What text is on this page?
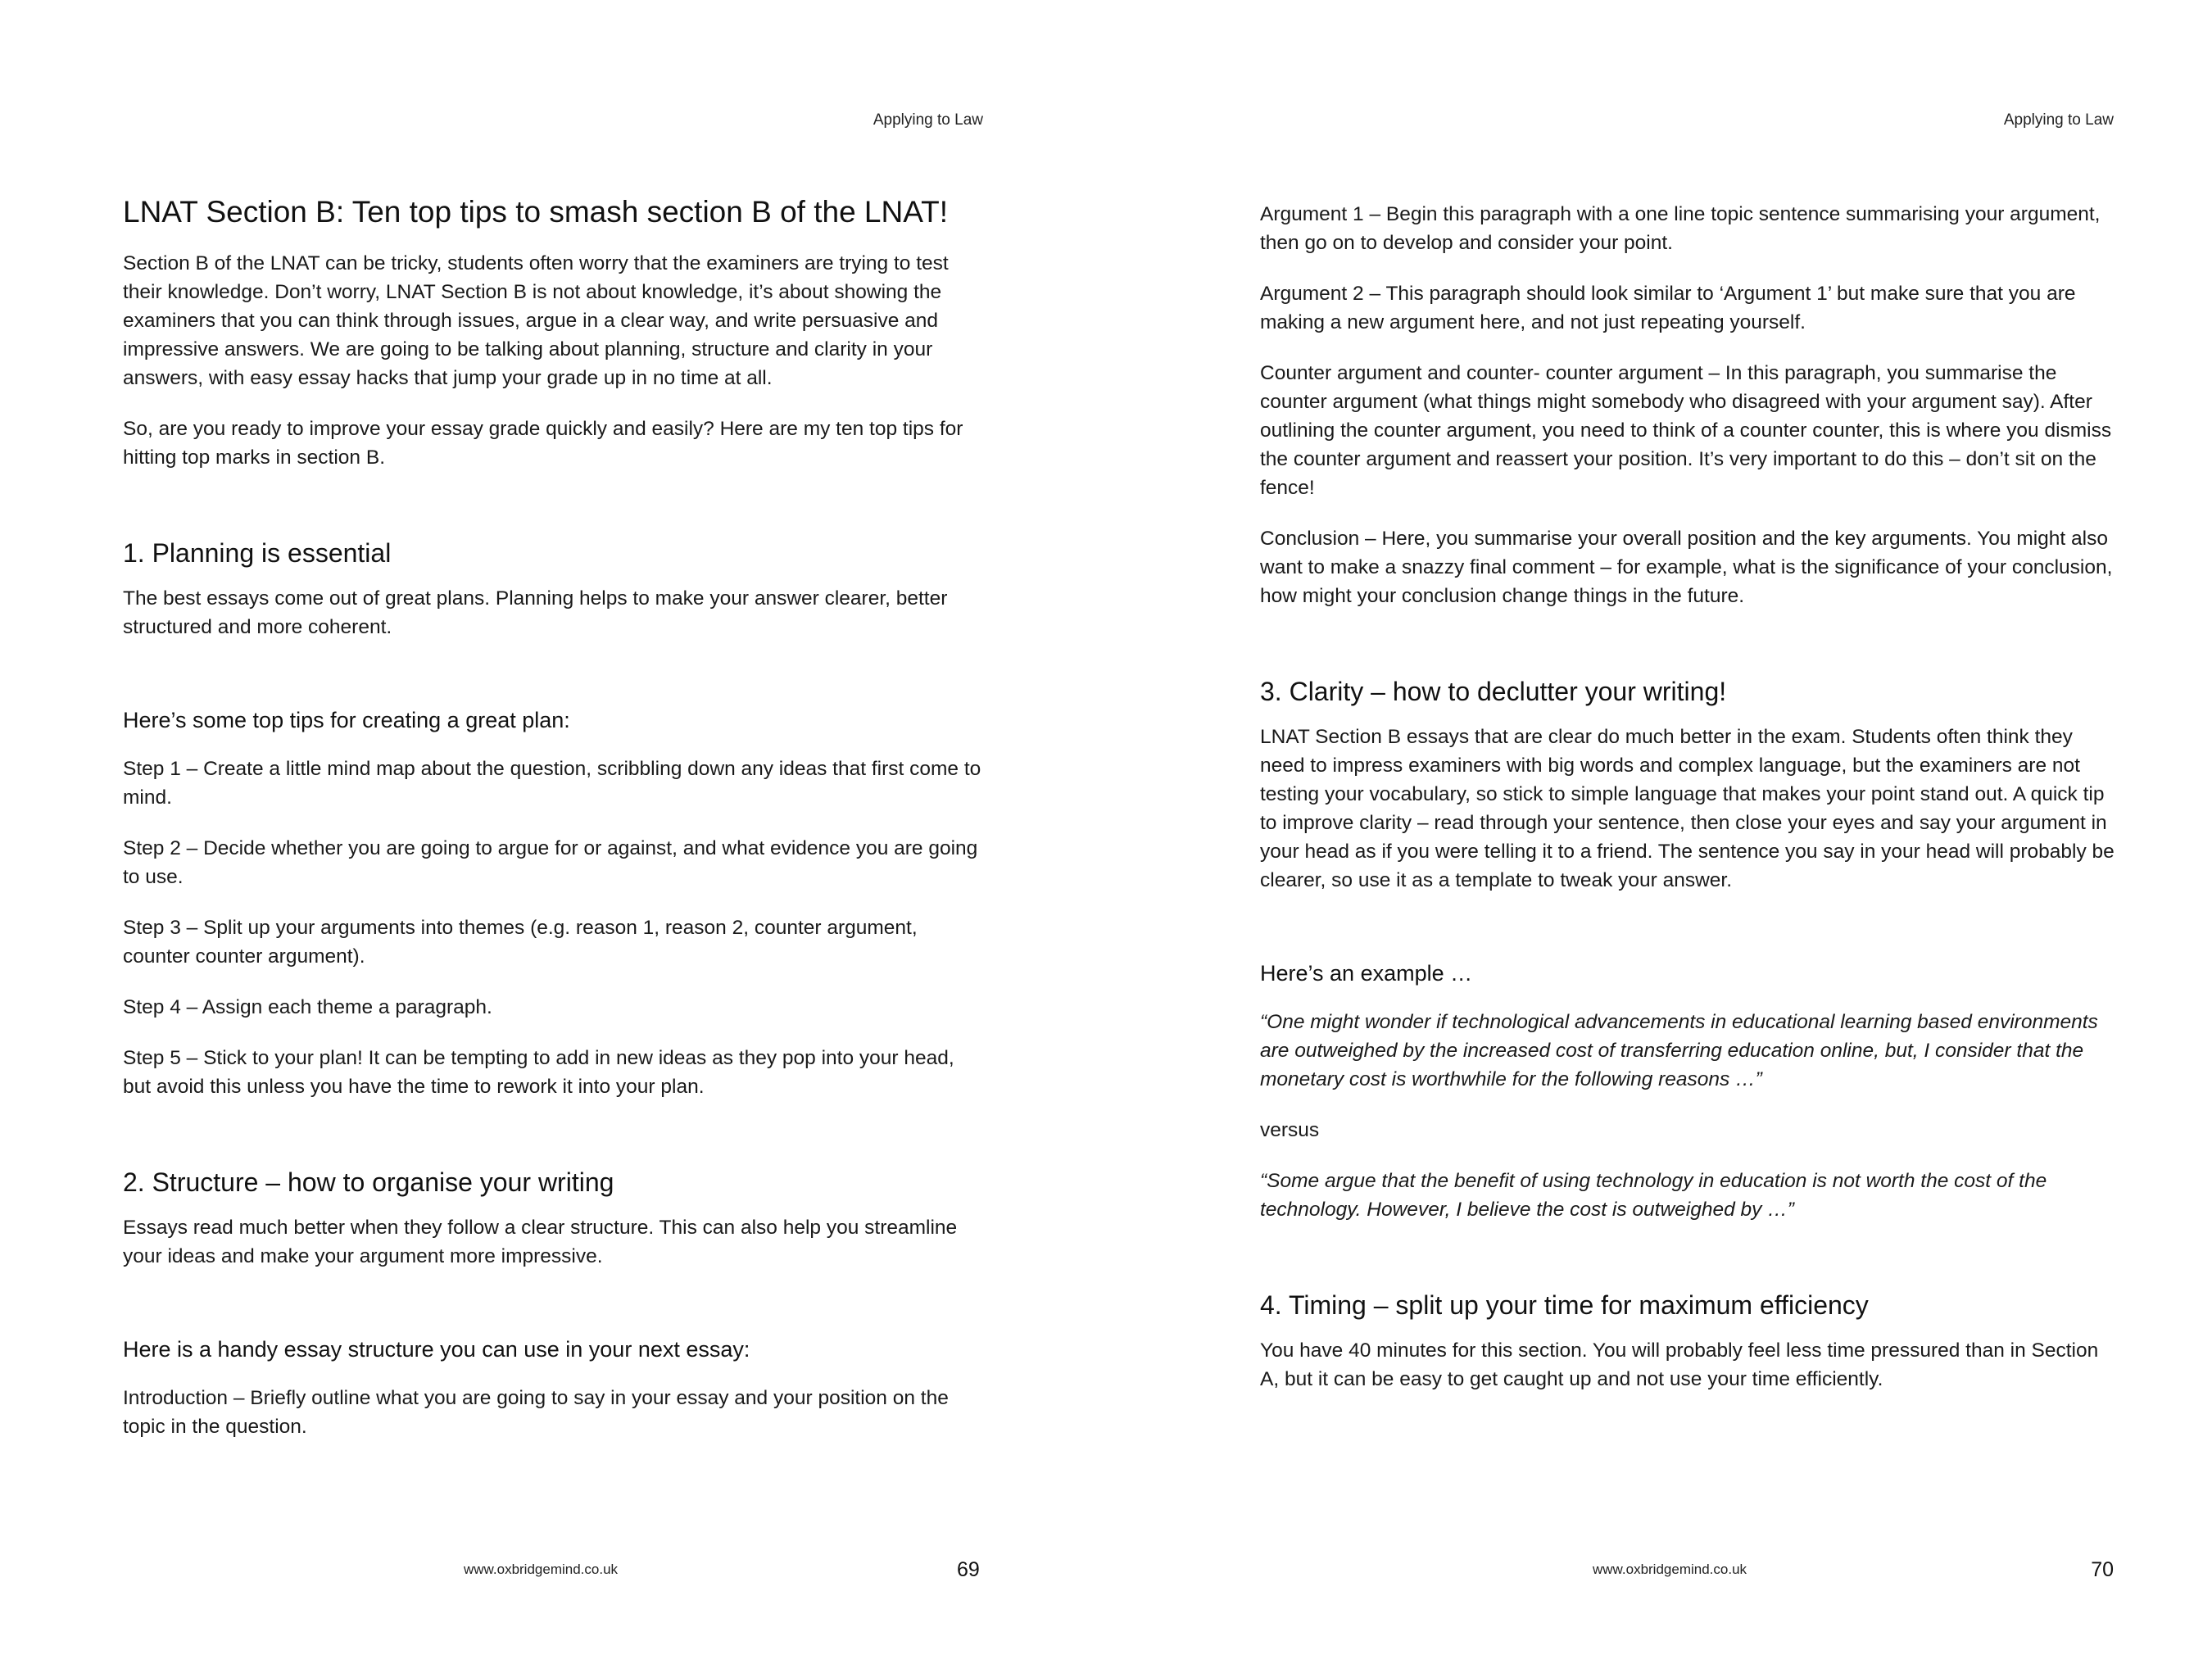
Applying to Law
LNAT Section B: Ten top tips to smash section B of the LNAT!

Section B of the LNAT can be tricky, students often worry that the examiners are trying to test their knowledge. Don’t worry, LNAT Section B is not about knowledge, it’s about showing the examiners that you can think through issues, argue in a clear way, and write persuasive and impressive answers. We are going to be talking about planning, structure and clarity in your answers, with easy essay hacks that jump your grade up in no time at all.

So, are you ready to improve your essay grade quickly and easily? Here are my ten top tips for hitting top marks in section B.

1. Planning is essential

The best essays come out of great plans. Planning helps to make your answer clearer, better structured and more coherent.

Here’s some top tips for creating a great plan:

Step 1 – Create a little mind map about the question, scribbling down any ideas that first come to mind.

Step 2 – Decide whether you are going to argue for or against, and what evidence you are going to use.

Step 3 – Split up your arguments into themes (e.g. reason 1, reason 2, counter argument, counter counter argument).

Step 4 – Assign each theme a paragraph.

Step 5 – Stick to your plan! It can be tempting to add in new ideas as they pop into your head, but avoid this unless you have the time to rework it into your plan.

2. Structure – how to organise your writing

Essays read much better when they follow a clear structure. This can also help you streamline your ideas and make your argument more impressive.

Here is a handy essay structure you can use in your next essay:

Introduction – Briefly outline what you are going to say in your essay and your position on the topic in the question.

www.oxbridgemind.co.uk	69
Applying to Law

Argument 1 – Begin this paragraph with a one line topic sentence summarising your argument, then go on to develop and consider your point.

Argument 2 – This paragraph should look similar to ‘Argument 1’ but make sure that you are making a new argument here, and not just repeating yourself.

Counter argument and counter- counter argument – In this paragraph, you summarise the counter argument (what things might somebody who disagreed with your argument say). After outlining the counter argument, you need to think of a counter counter, this is where you dismiss the counter argument and reassert your position. It’s very important to do this – don’t sit on the fence!

Conclusion – Here, you summarise your overall position and the key arguments. You might also want to make a snazzy final comment – for example, what is the significance of your conclusion, how might your conclusion change things in the future.

3. Clarity – how to declutter your writing!

LNAT Section B essays that are clear do much better in the exam. Students often think they need to impress examiners with big words and complex language, but the examiners are not testing your vocabulary, so stick to simple language that makes your point stand out. A quick tip to improve clarity – read through your sentence, then close your eyes and say your argument in your head as if you were telling it to a friend. The sentence you say in your head will probably be clearer, so use it as a template to tweak your answer.

Here’s an example …

“One might wonder if technological advancements in educational learning based environments are outweighed by the increased cost of transferring education online, but, I consider that the monetary cost is worthwhile for the following reasons …”

versus

“Some argue that the benefit of using technology in education is not worth the cost of the technology. However, I believe the cost is outweighed by …”

4. Timing – split up your time for maximum efficiency

You have 40 minutes for this section. You will probably feel less time pressured than in Section A, but it can be easy to get caught up and not use your time efficiently.

www.oxbridgemind.co.uk	70
